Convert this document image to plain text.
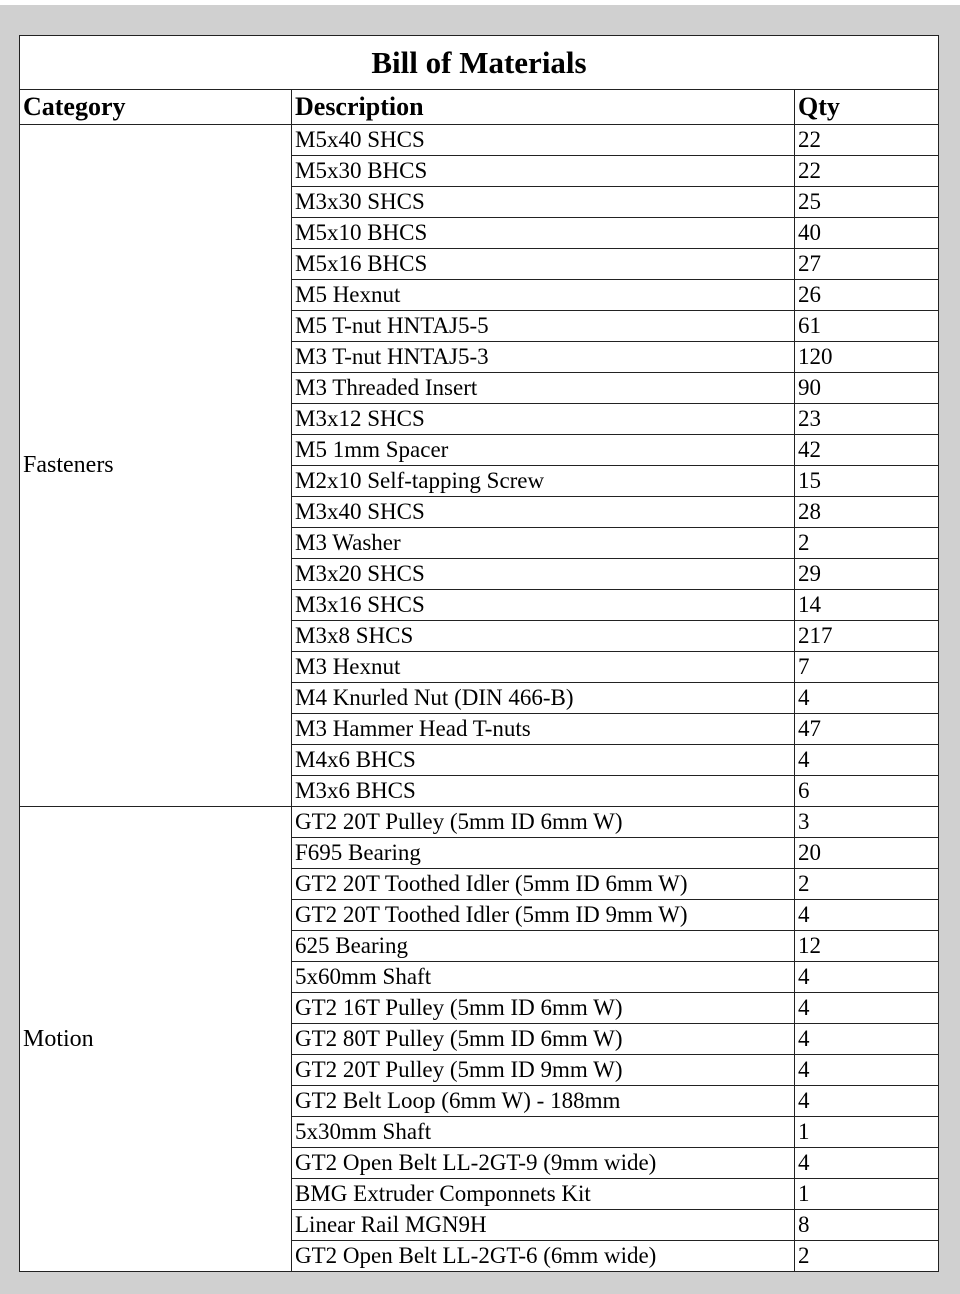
Bill of Materials		
Category	Description	Qty
Fasteners	M5x40 SHCS	22
	M5x30 BHCS	22
	M3x30 SHCS	25
	M5x10 BHCS	40
	M5x16 BHCS	27
	M5 Hexnut	26
	M5 T-nut HNTAJ5-5	61
	M3 T-nut HNTAJ5-3	120
	M3 Threaded Insert	90
	M3x12 SHCS	23
	M5 1mm Spacer	42
	M2x10 Self-tapping Screw	15
	M3x40 SHCS	28
	M3 Washer	2
	M3x20 SHCS	29
	M3x16 SHCS	14
	M3x8 SHCS	217
	M3 Hexnut	7
	M4 Knurled Nut (DIN 466-B)	4
	M3 Hammer Head T-nuts	47
	M4x6 BHCS	4
	M3x6 BHCS	6
Motion	GT2 20T Pulley (5mm ID 6mm W)	3
	F695 Bearing	20
	GT2 20T Toothed Idler (5mm ID 6mm W)	2
	GT2 20T Toothed Idler (5mm ID 9mm W)	4
	625 Bearing	12
	5x60mm Shaft	4
	GT2 16T Pulley (5mm ID 6mm W)	4
	GT2 80T Pulley (5mm ID 6mm W)	4
	GT2 20T Pulley (5mm ID 9mm W)	4
	GT2 Belt Loop (6mm W) - 188mm	4
	5x30mm Shaft	1
	GT2 Open Belt LL-2GT-9 (9mm wide)	4
	BMG Extruder Componnets Kit	1
	Linear Rail MGN9H	8
	GT2 Open Belt LL-2GT-6 (6mm wide)	2
